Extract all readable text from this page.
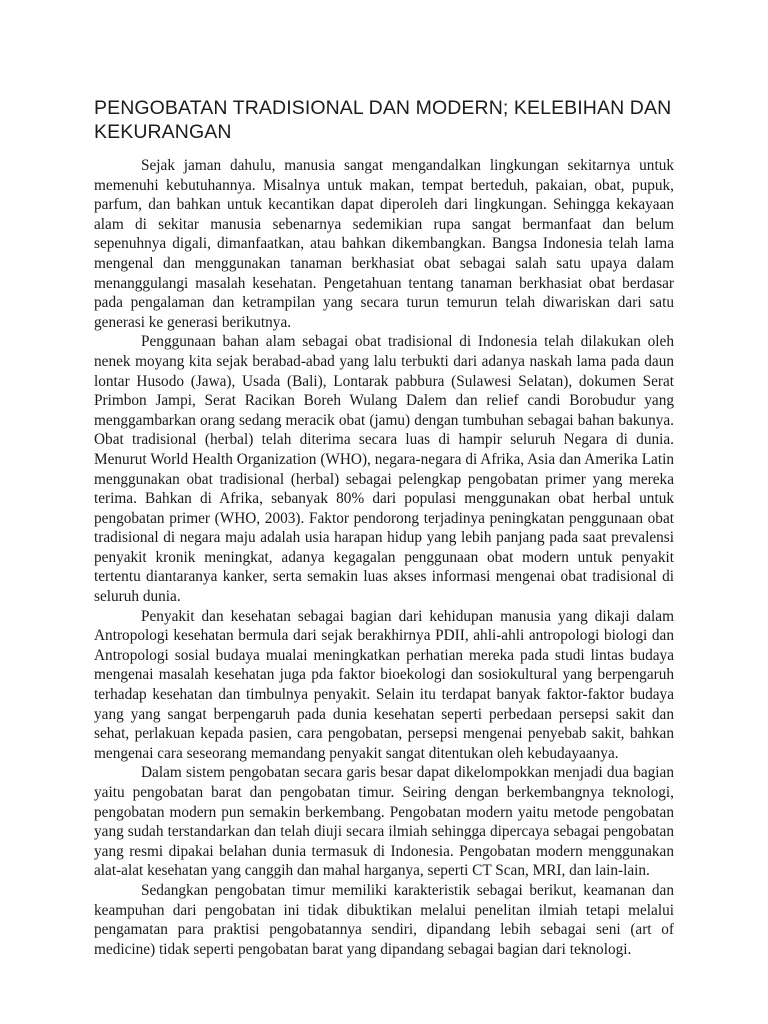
PENGOBATAN TRADISIONAL DAN MODERN; KELEBIHAN DAN KEKURANGAN

Sejak jaman dahulu, manusia sangat mengandalkan lingkungan sekitarnya untuk memenuhi kebutuhannya. Misalnya untuk makan, tempat berteduh, pakaian, obat, pupuk, parfum, dan bahkan untuk kecantikan dapat diperoleh dari lingkungan. Sehingga kekayaan alam di sekitar manusia sebenarnya sedemikian rupa sangat bermanfaat dan belum sepenuhnya digali, dimanfaatkan, atau bahkan dikembangkan. Bangsa Indonesia telah lama mengenal dan menggunakan tanaman berkhasiat obat sebagai salah satu upaya dalam menanggulangi masalah kesehatan. Pengetahuan tentang tanaman berkhasiat obat berdasar pada pengalaman dan ketrampilan yang secara turun temurun telah diwariskan dari satu generasi ke generasi berikutnya.

Penggunaan bahan alam sebagai obat tradisional di Indonesia telah dilakukan oleh nenek moyang kita sejak berabad-abad yang lalu terbukti dari adanya naskah lama pada daun lontar Husodo (Jawa), Usada (Bali), Lontarak pabbura (Sulawesi Selatan), dokumen Serat Primbon Jampi, Serat Racikan Boreh Wulang Dalem dan relief candi Borobudur yang menggambarkan orang sedang meracik obat (jamu) dengan tumbuhan sebagai bahan bakunya. Obat tradisional (herbal) telah diterima secara luas di hampir seluruh Negara di dunia. Menurut World Health Organization (WHO), negara-negara di Afrika, Asia dan Amerika Latin menggunakan obat tradisional (herbal) sebagai pelengkap pengobatan primer yang mereka terima. Bahkan di Afrika, sebanyak 80% dari populasi menggunakan obat herbal untuk pengobatan primer (WHO, 2003). Faktor pendorong terjadinya peningkatan penggunaan obat tradisional di negara maju adalah usia harapan hidup yang lebih panjang pada saat prevalensi penyakit kronik meningkat, adanya kegagalan penggunaan obat modern untuk penyakit tertentu diantaranya kanker, serta semakin luas akses informasi mengenai obat tradisional di seluruh dunia.

Penyakit dan kesehatan sebagai bagian dari kehidupan manusia yang dikaji dalam Antropologi kesehatan bermula dari sejak berakhirnya PDII, ahli-ahli antropologi biologi dan Antropologi sosial budaya mualai meningkatkan perhatian mereka pada studi lintas budaya mengenai masalah kesehatan juga pda faktor bioekologi dan sosiokultural yang berpengaruh terhadap kesehatan dan timbulnya penyakit. Selain itu terdapat banyak faktor-faktor budaya yang yang sangat berpengaruh pada dunia kesehatan seperti perbedaan persepsi sakit dan sehat, perlakuan kepada pasien, cara pengobatan, persepsi mengenai penyebab sakit, bahkan mengenai cara seseorang memandang penyakit sangat ditentukan oleh kebudayaanya.

Dalam sistem pengobatan secara garis besar dapat dikelompokkan menjadi dua bagian yaitu pengobatan barat dan pengobatan timur. Seiring dengan berkembangnya teknologi, pengobatan modern pun semakin berkembang. Pengobatan modern yaitu metode pengobatan yang sudah terstandarkan dan telah diuji secara ilmiah sehingga dipercaya sebagai pengobatan yang resmi dipakai belahan dunia termasuk di Indonesia. Pengobatan modern menggunakan alat-alat kesehatan yang canggih dan mahal harganya, seperti CT Scan, MRI, dan lain-lain.

Sedangkan pengobatan timur memiliki karakteristik sebagai berikut, keamanan dan keampuhan dari pengobatan ini tidak dibuktikan melalui penelitan ilmiah tetapi melalui pengamatan para praktisi pengobatannya sendiri, dipandang lebih sebagai seni (art of medicine) tidak seperti pengobatan barat yang dipandang sebagai bagian dari teknologi.
